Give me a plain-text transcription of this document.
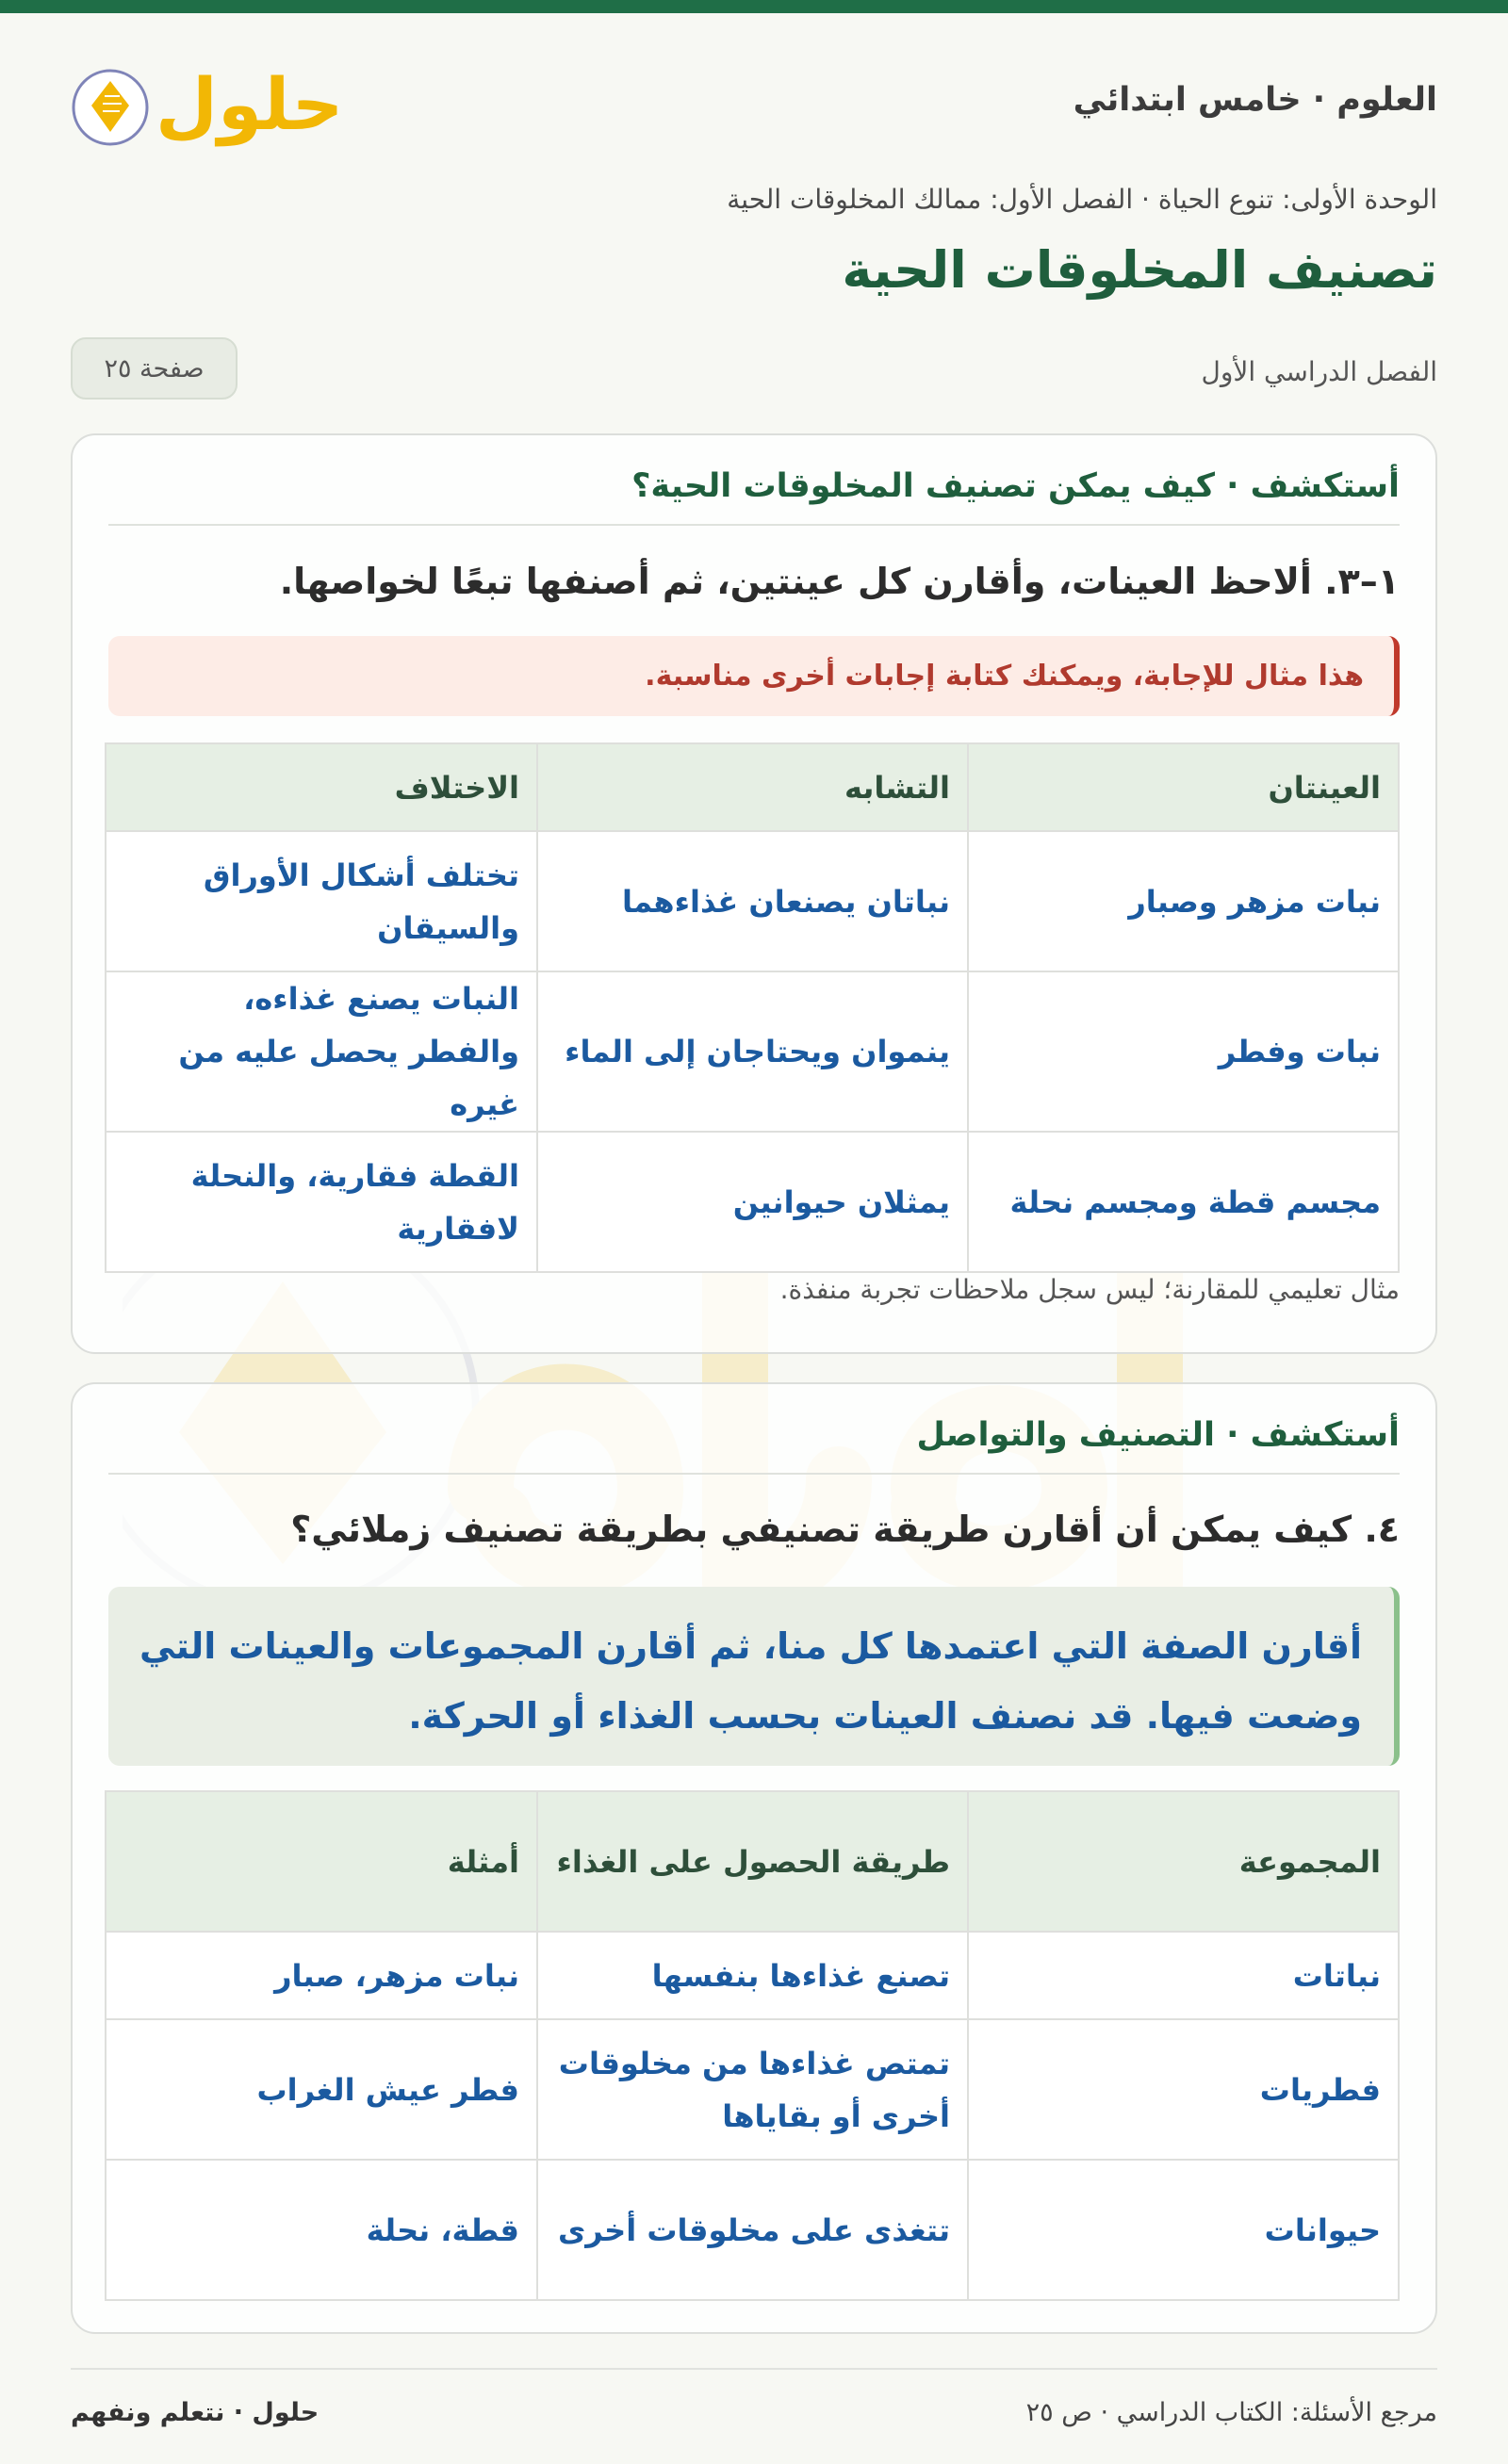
العلوم · خامس ابتدائي
حلول
الوحدة الأولى: تنوع الحياة · الفصل الأول: ممالك المخلوقات الحية
تصنيف المخلوقات الحية
الفصل الدراسي الأول
صفحة ٢٥
أستكشف · كيف يمكن تصنيف المخلوقات الحية؟

١–٣. ألاحظ العينات، وأقارن كل عينتين، ثم أصنفها تبعًا لخواصها.

هذا مثال للإجابة، ويمكنك كتابة إجابات أخرى مناسبة.
العينتان	التشابه	الاختلاف
نبات مزهر وصبار	نباتان يصنعان غذاءهما	تختلف أشكال الأوراق والسيقان
نبات وفطر	ينموان ويحتاجان إلى الماء	النبات يصنع غذاءه، والفطر يحصل عليه من غيره
مجسم قطة ومجسم نحلة	يمثلان حيوانين	القطة فقارية، والنحلة لافقارية

مثال تعليمي للمقارنة؛ ليس سجل ملاحظات تجربة منفذة.

أستكشف · التصنيف والتواصل

٤. كيف يمكن أن أقارن طريقة تصنيفي بطريقة تصنيف زملائي؟

أقارن الصفة التي اعتمدها كل منا، ثم أقارن المجموعات والعينات التي وضعت فيها. قد نصنف العينات بحسب الغذاء أو الحركة.
المجموعة	طريقة الحصول على الغذاء	أمثلة
نباتات	تصنع غذاءها بنفسها	نبات مزهر، صبار
فطريات	تمتص غذاءها من مخلوقات أخرى أو بقاياها	فطر عيش الغراب
حيوانات	تتغذى على مخلوقات أخرى	قطة، نحلة
مرجع الأسئلة: الكتاب الدراسي · ص ٢٥
حلول · نتعلم ونفهم
